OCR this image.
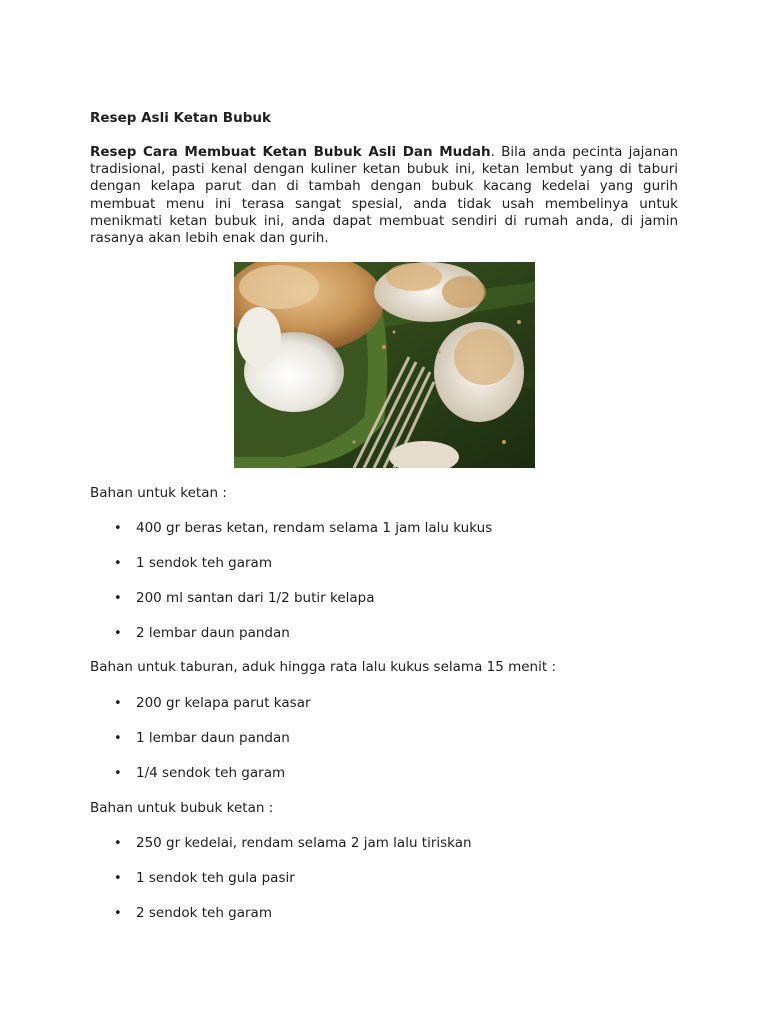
Resep Asli Ketan Bubuk

Resep Cara Membuat Ketan Bubuk Asli Dan Mudah. Bila anda pecinta jajanan tradisional, pasti kenal dengan kuliner ketan bubuk ini, ketan lembut yang di taburi dengan kelapa parut dan di tambah dengan bubuk kacang kedelai yang gurih membuat menu ini terasa sangat spesial, anda tidak usah membelinya untuk menikmati ketan bubuk ini, anda dapat membuat sendiri di rumah anda, di jamin rasanya akan lebih enak dan gurih.

Bahan untuk ketan :

• 400 gr beras ketan, rendam selama 1 jam lalu kukus
• 1 sendok teh garam
• 200 ml santan dari 1/2 butir kelapa
• 2 lembar daun pandan

Bahan untuk taburan, aduk hingga rata lalu kukus selama 15 menit :

• 200 gr kelapa parut kasar
• 1 lembar daun pandan
• 1/4 sendok teh garam

Bahan untuk bubuk ketan :

• 250 gr kedelai, rendam selama 2 jam lalu tiriskan
• 1 sendok teh gula pasir
• 2 sendok teh garam
